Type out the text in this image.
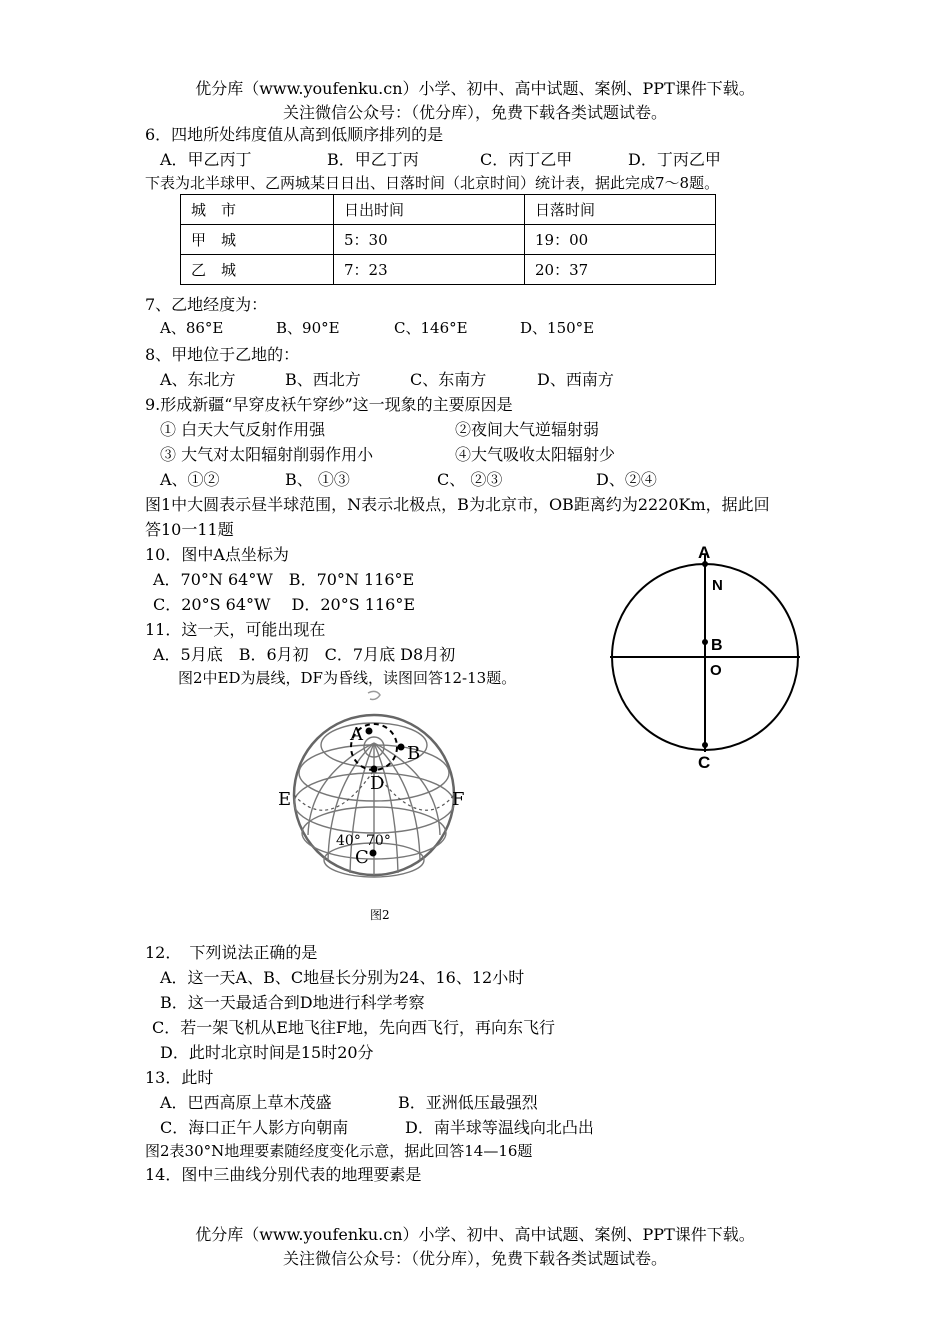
优分库（www.youfenku.cn）小学、初中、高中试题、案例、PPT课件下载。
关注微信公众号：（优分库），免费下载各类试题试卷。
6．四地所处纬度值从高到低顺序排列的是
A．甲乙丙丁	B．甲乙丁丙	C．丙丁乙甲	D．丁丙乙甲
下表为北半球甲、乙两城某日日出、日落时间（北京时间）统计表，据此完成7～8题。
城　市	日出时间	日落时间
甲　城	5：30	19：00
乙　城	7：23	20：37
7、乙地经度为：
A、86°E	B、90°E	C、146°E	D、150°E
8、甲地位于乙地的：
A、东北方	B、西北方	C、东南方	D、西南方
9.形成新疆“早穿皮袄午穿纱”这一现象的主要原因是
① 白天大气反射作用强	②夜间大气逆辐射弱
③ 大气对太阳辐射削弱作用小	④大气吸收太阳辐射少
A、①②	B、 ①③	C、 ②③	D、②④
图1中大圆表示昼半球范围，N表示北极点，B为北京市，OB距离约为2220Km，据此回
答10一11题
10．图中A点坐标为
A．70°N 64°W　B．70°N 116°E
C．20°S 64°W　 D．20°S 116°E
11．这一天，可能出现在
A．5月底　B．6月初　C．7月底 D8月初
图2中ED为晨线，DF为昏线，读图回答12-13题。
A
N
B
O
C
A
B
D
E	F
40° 70°
C
图2
12．　下列说法正确的是
A．这一天A、B、C地昼长分别为24、16、12小时
B．这一天最适合到D地进行科学考察
C．若一架飞机从E地飞往F地，先向西飞行，再向东飞行
D．此时北京时间是15时20分
13．此时
A．巴西高原上草木茂盛	B．亚洲低压最强烈
C．海口正午人影方向朝南	D．南半球等温线向北凸出
图2表30°N地理要素随经度变化示意，据此回答14—16题
14．图中三曲线分别代表的地理要素是
优分库（www.youfenku.cn）小学、初中、高中试题、案例、PPT课件下载。
关注微信公众号：（优分库），免费下载各类试题试卷。
